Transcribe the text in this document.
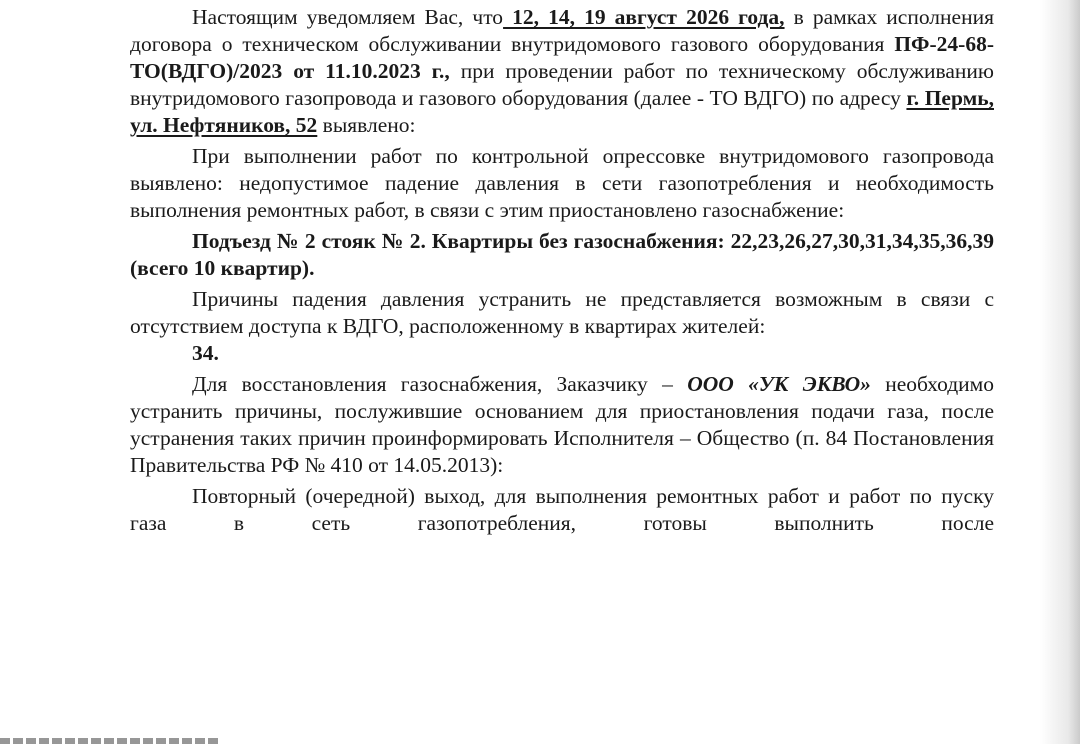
Настоящим уведомляем Вас, что 12, 14, 19 август 2026 года, в рамках исполнения договора о техническом обслуживании внутридомового газового оборудования ПФ-24-68-ТО(ВДГО)/2023 от 11.10.2023 г., при проведении работ по техническому обслуживанию внутридомового газопровода и газового оборудования (далее - ТО ВДГО) по адресу г. Пермь, ул. Нефтяников, 52 выявлено:

При выполнении работ по контрольной опрессовке внутридомового газопровода выявлено: недопустимое падение давления в сети газопотребления и необходимость выполнения ремонтных работ, в связи с этим приостановлено газоснабжение:

Подъезд № 2 стояк № 2. Квартиры без газоснабжения: 22,23,26,27,30,31,34,35,36,39 (всего 10 квартир).

Причины падения давления устранить не представляется возможным в связи с отсутствием доступа к ВДГО, расположенному в квартирах жителей:

34.

Для восстановления газоснабжения, Заказчику – ООО «УК ЭКВО» необходимо устранить причины, послужившие основанием для приостановления подачи газа, после устранения таких причин проинформировать Исполнителя – Общество (п. 84 Постановления Правительства РФ № 410 от 14.05.2013):

Повторный (очередной) выход, для выполнения ремонтных работ и работ по пуску газа в сеть газопотребления, готовы выполнить после
